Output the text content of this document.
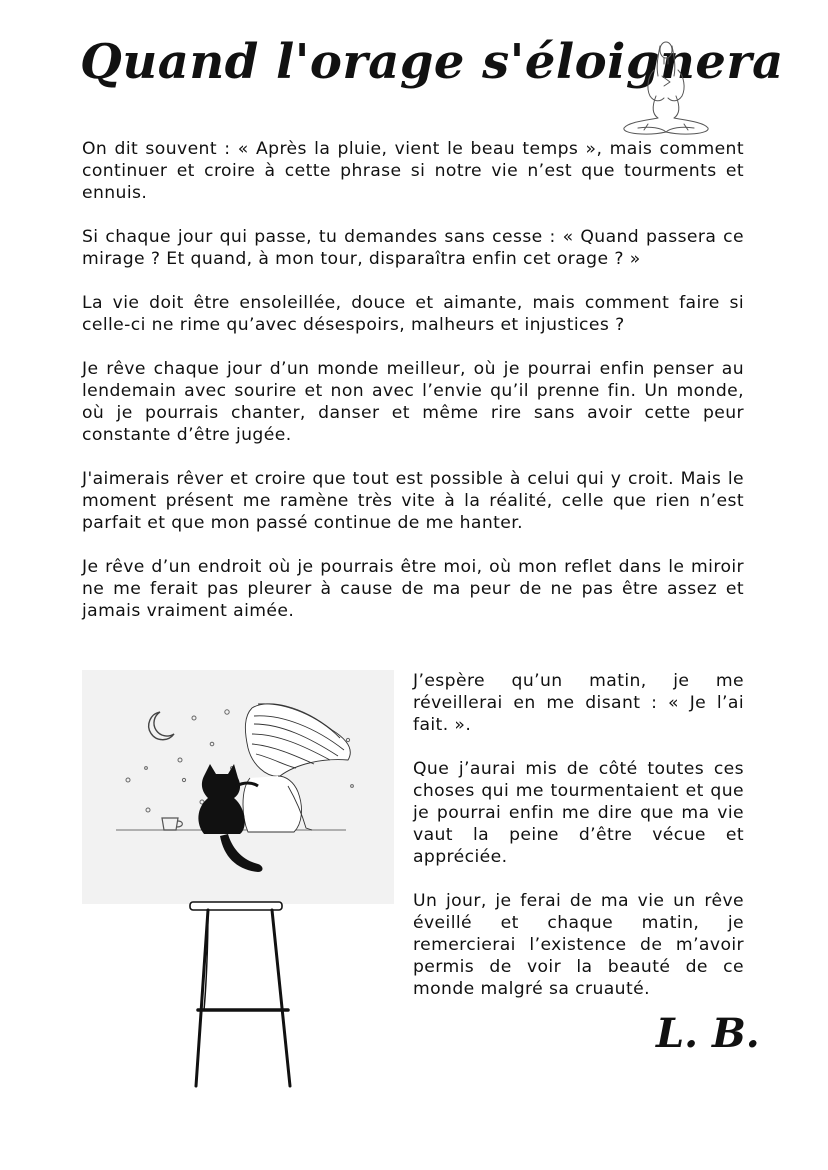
Quand l'orage s'éloignera

On dit souvent : « Après la pluie, vient le beau temps », mais comment continuer et croire à cette phrase si notre vie n’est que tourments et ennuis.

Si chaque jour qui passe, tu demandes sans cesse : « Quand passera ce mirage ? Et quand, à mon tour, disparaîtra enfin cet orage ? »

La vie doit être ensoleillée, douce et aimante, mais comment faire si celle-ci ne rime qu’avec désespoirs, malheurs et injustices ?

Je rêve chaque jour d’un monde meilleur, où je pourrai enfin penser au lendemain avec sourire et non avec l’envie qu’il prenne fin. Un monde, où je pourrais chanter, danser et même rire sans avoir cette peur constante d’être jugée.

J'aimerais rêver et croire que tout est possible à celui qui y croit. Mais le moment présent me ramène très vite à la réalité, celle que rien n’est parfait et que mon passé continue de me hanter.

Je rêve d’un endroit où je pourrais être moi, où mon reflet dans le miroir ne me ferait pas pleurer à cause de ma peur de ne pas être assez et jamais vraiment aimée.

J’espère qu’un matin, je me réveillerai en me disant : « Je l’ai fait. ».

Que j’aurai mis de côté toutes ces choses qui me tourmentaient et que je pourrai enfin me dire que ma vie vaut la peine d’être vécue et appréciée.

Un jour, je ferai de ma vie un rêve éveillé et chaque matin, je remercierai l’existence de m’avoir permis de voir la beauté de ce monde malgré sa cruauté.

L. B.
